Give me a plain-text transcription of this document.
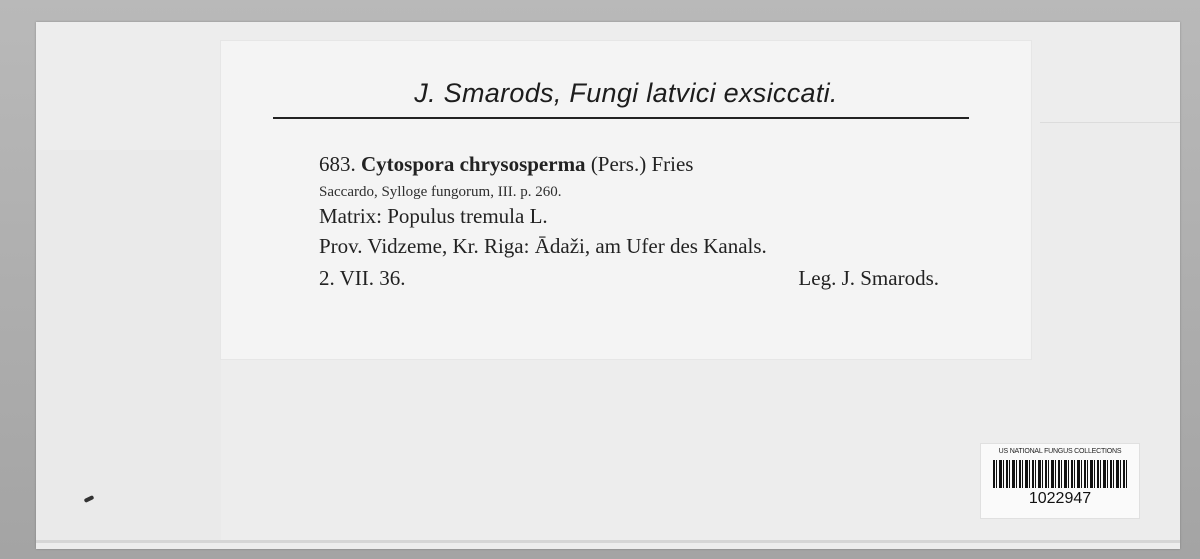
J. Smarods, Fungi latvici exsiccati.
683. Cytospora chrysosperma (Pers.) Fries
Saccardo, Sylloge fungorum, III. p. 260.
Matrix: Populus tremula L.
Prov. Vidzeme, Kr. Riga: Ādaži, am Ufer des Kanals.
2. VII. 36.	Leg. J. Smarods.
US NATIONAL FUNGUS COLLECTIONS
1022947
